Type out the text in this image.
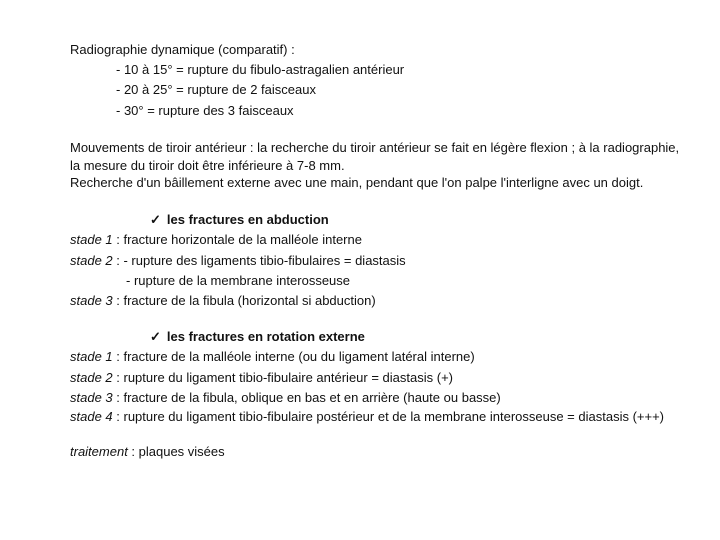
Radiographie dynamique (comparatif) :
- 10 à 15° = rupture du fibulo-astragalien antérieur
- 20 à 25° = rupture de 2 faisceaux
- 30° = rupture des 3 faisceaux
Mouvements de tiroir antérieur : la recherche du tiroir antérieur se fait en légère flexion ; à la radiographie, la mesure du tiroir doit être inférieure à 7-8 mm.
Recherche d'un bâillement externe avec une main, pendant que l'on palpe l'interligne avec un doigt.
✓ les fractures en abduction
stade 1 : fracture horizontale de la malléole interne
stade 2 : - rupture des ligaments tibio-fibulaires = diastasis
- rupture de la membrane interosseuse
stade 3 : fracture de la fibula (horizontal si abduction)
✓ les fractures en rotation externe
stade 1 : fracture de la malléole interne (ou du ligament latéral interne)
stade 2 : rupture du ligament tibio-fibulaire antérieur = diastasis (+)
stade 3 : fracture de la fibula, oblique en bas et en arrière (haute ou basse)
stade 4 : rupture du ligament tibio-fibulaire postérieur et de la membrane interosseuse = diastasis (+++)
traitement : plaques visées
